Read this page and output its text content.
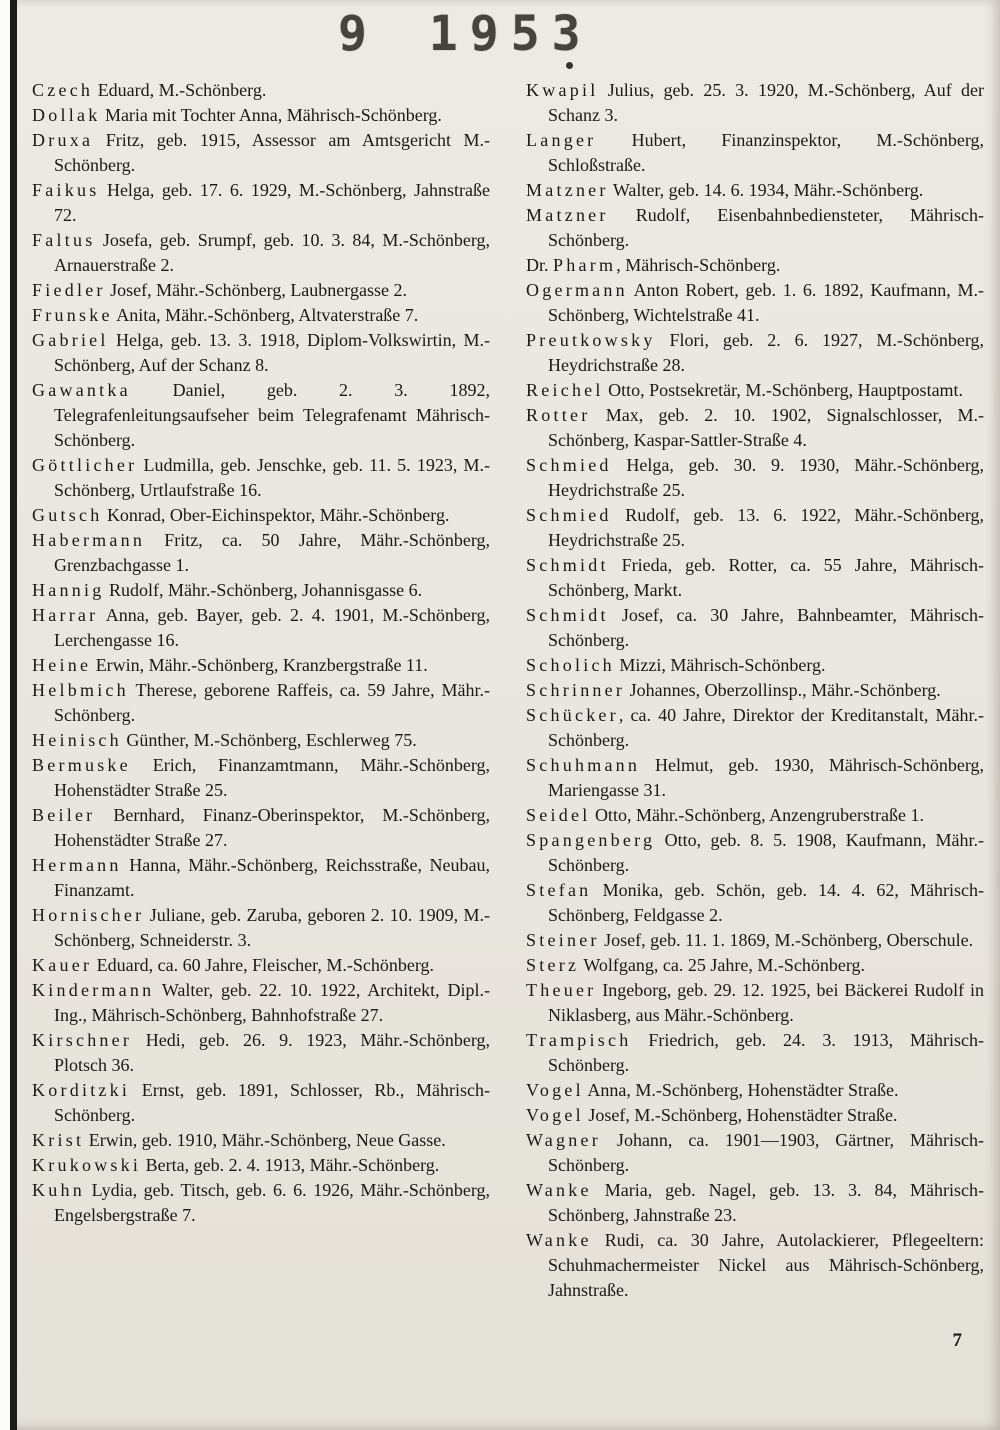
9 1953

Czech Eduard, M.-Schönberg.

Dollak Maria mit Tochter Anna, Mährisch-Schönberg.

Druxa Fritz, geb. 1915, Assessor am Amtsgericht M.-Schönberg.

Faikus Helga, geb. 17. 6. 1929, M.-Schönberg, Jahnstraße 72.

Faltus Josefa, geb. Srumpf, geb. 10. 3. 84, M.-Schönberg, Arnauerstraße 2.

Fiedler Josef, Mähr.-Schönberg, Laubnergasse 2.

Frunske Anita, Mähr.-Schönberg, Altvaterstraße 7.

Gabriel Helga, geb. 13. 3. 1918, Diplom-Volkswirtin, M.-Schönberg, Auf der Schanz 8.

Gawantka Daniel, geb. 2. 3. 1892, Telegrafenleitungsaufseher beim Telegrafenamt Mährisch-Schönberg.

Göttlicher Ludmilla, geb. Jenschke, geb. 11. 5. 1923, M.-Schönberg, Urtlaufstraße 16.

Gutsch Konrad, Ober-Eichinspektor, Mähr.-Schönberg.

Habermann Fritz, ca. 50 Jahre, Mähr.-Schönberg, Grenzbachgasse 1.

Hannig Rudolf, Mähr.-Schönberg, Johannisgasse 6.

Harrar Anna, geb. Bayer, geb. 2. 4. 1901, M.-Schönberg, Lerchengasse 16.

Heine Erwin, Mähr.-Schönberg, Kranzbergstraße 11.

Helbmich Therese, geborene Raffeis, ca. 59 Jahre, Mähr.-Schönberg.

Heinisch Günther, M.-Schönberg, Eschlerweg 75.

Bermuske Erich, Finanzamtmann, Mähr.-Schönberg, Hohenstädter Straße 25.

Beiler Bernhard, Finanz-Oberinspektor, M.-Schönberg, Hohenstädter Straße 27.

Hermann Hanna, Mähr.-Schönberg, Reichsstraße, Neubau, Finanzamt.

Hornischer Juliane, geb. Zaruba, geboren 2. 10. 1909, M.-Schönberg, Schneiderstr. 3.

Kauer Eduard, ca. 60 Jahre, Fleischer, M.-Schönberg.

Kindermann Walter, geb. 22. 10. 1922, Architekt, Dipl.-Ing., Mährisch-Schönberg, Bahnhofstraße 27.

Kirschner Hedi, geb. 26. 9. 1923, Mähr.-Schönberg, Plotsch 36.

Korditzki Ernst, geb. 1891, Schlosser, Rb., Mährisch-Schönberg.

Krist Erwin, geb. 1910, Mähr.-Schönberg, Neue Gasse.

Krukowski Berta, geb. 2. 4. 1913, Mähr.-Schönberg.

Kuhn Lydia, geb. Titsch, geb. 6. 6. 1926, Mähr.-Schönberg, Engelsbergstraße 7.

Kwapil Julius, geb. 25. 3. 1920, M.-Schönberg, Auf der Schanz 3.

Langer Hubert, Finanzinspektor, M.-Schönberg, Schloßstraße.

Matzner Walter, geb. 14. 6. 1934, Mähr.-Schönberg.

Matzner Rudolf, Eisenbahnbediensteter, Mährisch-Schönberg.

Dr. Pharm, Mährisch-Schönberg.

Ogermann Anton Robert, geb. 1. 6. 1892, Kaufmann, M.-Schönberg, Wichtelstraße 41.

Preutkowsky Flori, geb. 2. 6. 1927, M.-Schönberg, Heydrichstraße 28.

Reichel Otto, Postsekretär, M.-Schönberg, Hauptpostamt.

Rotter Max, geb. 2. 10. 1902, Signalschlosser, M.-Schönberg, Kaspar-Sattler-Straße 4.

Schmied Helga, geb. 30. 9. 1930, Mähr.-Schönberg, Heydrichstraße 25.

Schmied Rudolf, geb. 13. 6. 1922, Mähr.-Schönberg, Heydrichstraße 25.

Schmidt Frieda, geb. Rotter, ca. 55 Jahre, Mährisch-Schönberg, Markt.

Schmidt Josef, ca. 30 Jahre, Bahnbeamter, Mährisch-Schönberg.

Scholich Mizzi, Mährisch-Schönberg.

Schrinner Johannes, Oberzollinsp., Mähr.-Schönberg.

Schücker, ca. 40 Jahre, Direktor der Kreditanstalt, Mähr.-Schönberg.

Schuhmann Helmut, geb. 1930, Mährisch-Schönberg, Mariengasse 31.

Seidel Otto, Mähr.-Schönberg, Anzengruberstraße 1.

Spangenberg Otto, geb. 8. 5. 1908, Kaufmann, Mähr.-Schönberg.

Stefan Monika, geb. Schön, geb. 14. 4. 62, Mährisch-Schönberg, Feldgasse 2.

Steiner Josef, geb. 11. 1. 1869, M.-Schönberg, Oberschule.

Sterz Wolfgang, ca. 25 Jahre, M.-Schönberg.

Theuer Ingeborg, geb. 29. 12. 1925, bei Bäckerei Rudolf in Niklasberg, aus Mähr.-Schönberg.

Trampisch Friedrich, geb. 24. 3. 1913, Mährisch-Schönberg.

Vogel Anna, M.-Schönberg, Hohenstädter Straße.

Vogel Josef, M.-Schönberg, Hohenstädter Straße.

Wagner Johann, ca. 1901—1903, Gärtner, Mährisch-Schönberg.

Wanke Maria, geb. Nagel, geb. 13. 3. 84, Mährisch-Schönberg, Jahnstraße 23.

Wanke Rudi, ca. 30 Jahre, Autolackierer, Pflegeeltern: Schuhmachermeister Nickel aus Mährisch-Schönberg, Jahnstraße.

7
